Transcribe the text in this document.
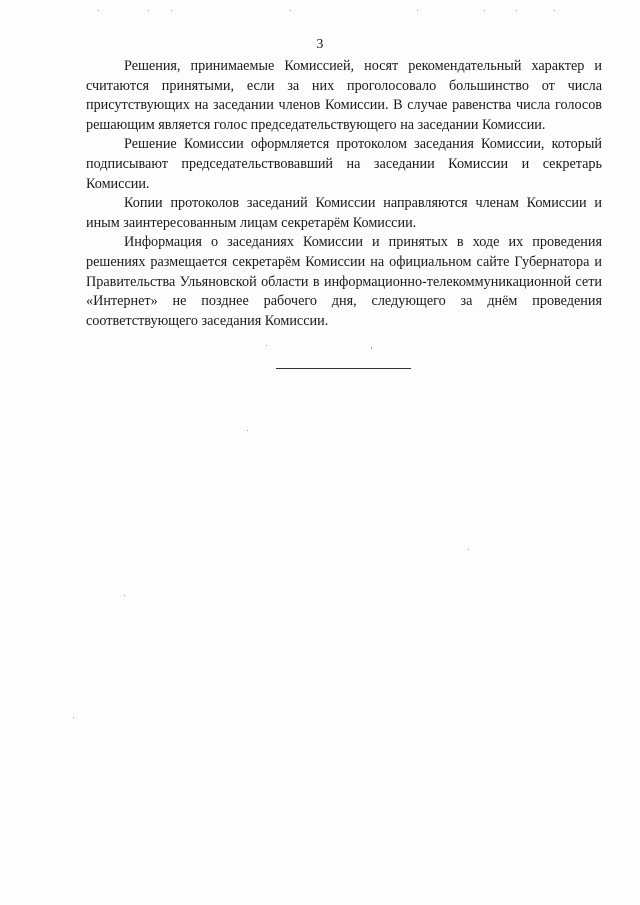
3

Решения, принимаемые Комиссией, носят рекомендательный характер и считаются принятыми, если за них проголосовало большинство от числа присутствующих на заседании членов Комиссии. В случае равенства числа голосов решающим является голос председательствующего на заседании Комиссии.

Решение Комиссии оформляется протоколом заседания Комиссии, который подписывают председательствовавший на заседании Комиссии и секретарь Комиссии.

Копии протоколов заседаний Комиссии направляются членам Комиссии и иным заинтересованным лицам секретарём Комиссии.

Информация о заседаниях Комиссии и принятых в ходе их проведения решениях размещается секретарём Комиссии на официальном сайте Губернатора и Правительства Ульяновской области в информационно-телекоммуникационной сети «Интернет» не позднее рабочего дня, следующего за днём проведения соответствующего заседания Комиссии.
